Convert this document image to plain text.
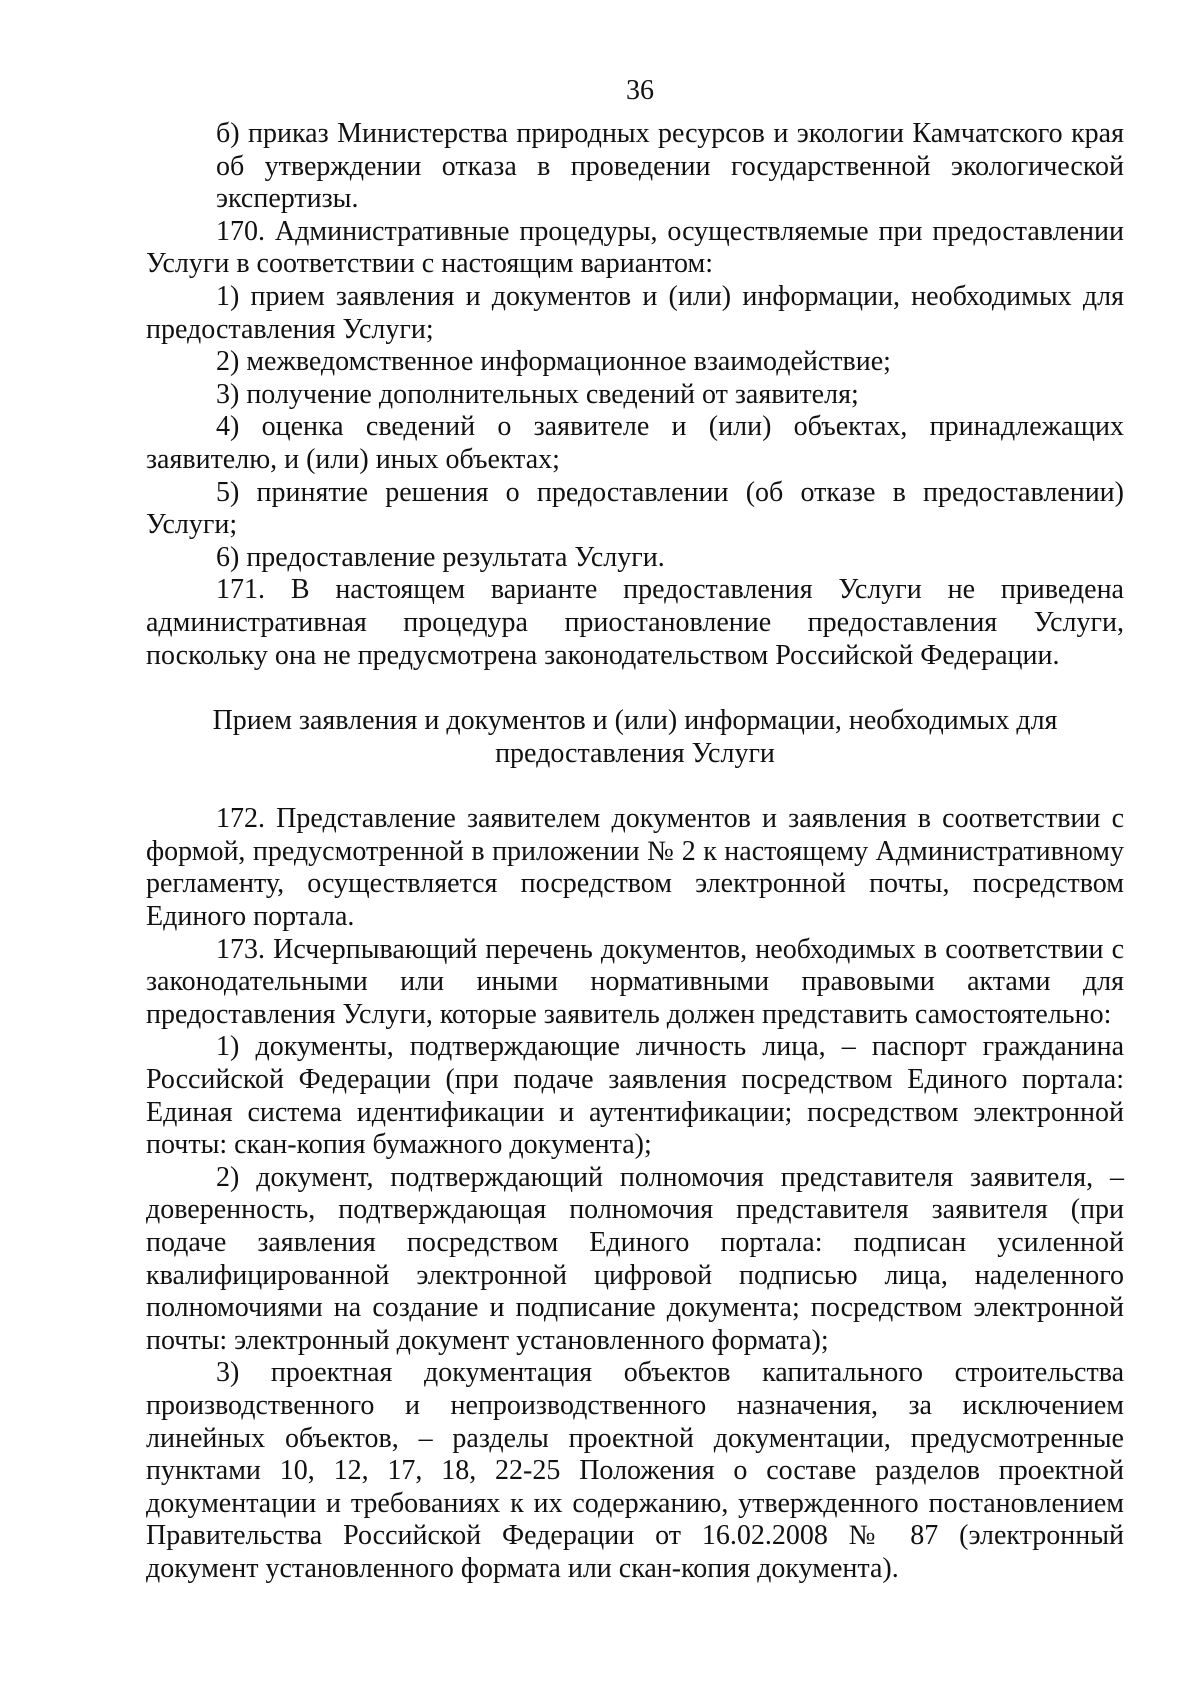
36

б) приказ Министерства природных ресурсов и экологии Камчатского края об утверждении отказа в проведении государственной экологической экспертизы.

170. Административные процедуры, осуществляемые при предоставлении Услуги в соответствии с настоящим вариантом:

1) прием заявления и документов и (или) информации, необходимых для предоставления Услуги;

2) межведомственное информационное взаимодействие;

3) получение дополнительных сведений от заявителя;

4) оценка сведений о заявителе и (или) объектах, принадлежащих заявителю, и (или) иных объектах;

5) принятие решения о предоставлении (об отказе в предоставлении) Услуги;

6) предоставление результата Услуги.

171. В настоящем варианте предоставления Услуги не приведена административная процедура приостановление предоставления Услуги, поскольку она не предусмотрена законодательством Российской Федерации.

Прием заявления и документов и (или) информации, необходимых для предоставления Услуги

172. Представление заявителем документов и заявления в соответствии с формой, предусмотренной в приложении № 2 к настоящему Административному регламенту, осуществляется посредством электронной почты, посредством Единого портала.

173. Исчерпывающий перечень документов, необходимых в соответствии с законодательными или иными нормативными правовыми актами для предоставления Услуги, которые заявитель должен представить самостоятельно:

1) документы, подтверждающие личность лица, – паспорт гражданина Российской Федерации (при подаче заявления посредством Единого портала: Единая система идентификации и аутентификации; посредством электронной почты: скан-копия бумажного документа);

2) документ, подтверждающий полномочия представителя заявителя, – доверенность, подтверждающая полномочия представителя заявителя (при подаче заявления посредством Единого портала: подписан усиленной квалифицированной электронной цифровой подписью лица, наделенного полномочиями на создание и подписание документа; посредством электронной почты: электронный документ установленного формата);

3) проектная документация объектов капитального строительства производственного и непроизводственного назначения, за исключением линейных объектов, – разделы проектной документации, предусмотренные пунктами 10, 12, 17, 18, 22-25 Положения о составе разделов проектной документации и требованиях к их содержанию, утвержденного постановлением Правительства Российской Федерации от 16.02.2008 № 87 (электронный документ установленного формата или скан-копия документа).
